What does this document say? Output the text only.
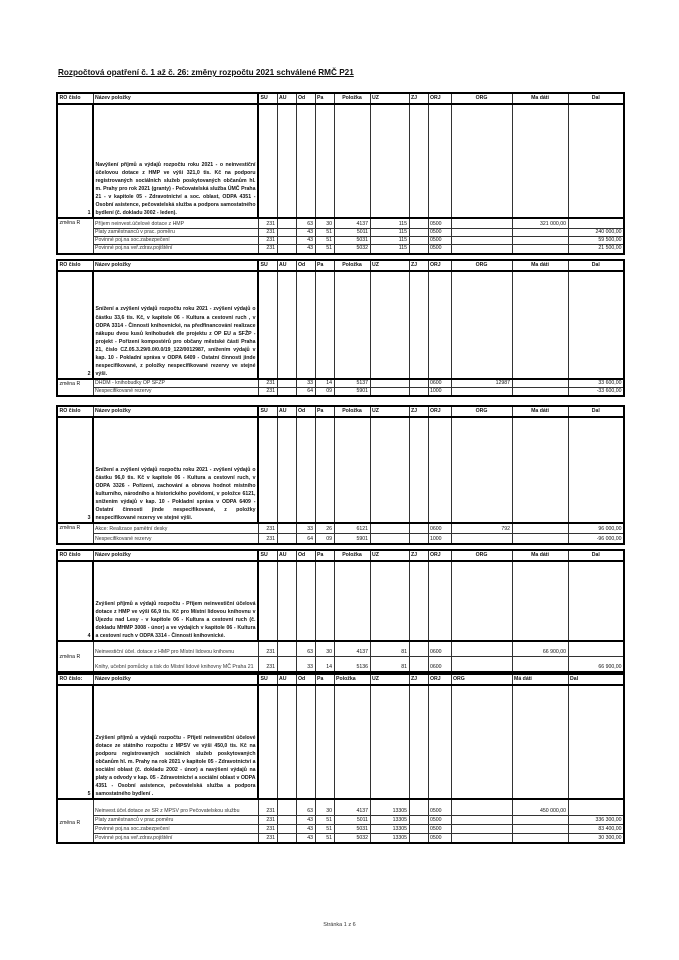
Rozpočtová opatření č. 1 až č. 26: změny rozpočtu 2021 schválené RMČ P21
RO číslo	Název položky	SU	AU	Od	Pa	Položka	UZ	ZJ	ORJ	ORG	Ma dáti	Dal
1	Navýšení příjmů a výdajů rozpočtu roku 2021 - o neinvestiční účelovou dotace z HMP ve výši 321,0 tis. Kč na podporu registrovaných sociálních služeb poskytovaných občanům hl. m. Prahy pro rok 2021 (granty) - Pečovatelská služba ÚMČ Praha 21 - v kapitole 05 - Zdravotnictví a soc. oblast, ODPA 4351 - Osobní asistence, pečovatelská služba a podpora samostatného bydlení (č. dokladu 3002 - leden).											
změna R	Příjem neinvest.účelové dotace z HMP	231		63	30	4137	115		0500		321 000,00	
	Platy zaměstnanců v prac. poměru	231		43	51	5011	115		0500			240 000,00
	Povinné poj.na soc.zabezpečení	231		43	51	5031	115		0500			59 500,00
	Povinné poj.na veř.zdrav.pojištění	231		43	51	5032	115		0500			21 500,00
RO číslo	Název položky	SU	AU	Od	Pa	Položka	UZ	ZJ	ORJ	ORG	Ma dáti	Dal
2	Snížení a zvýšení výdajů rozpočtu roku 2021 - zvýšení výdajů o částku 33,6 tis. Kč, v kapitole 06 - Kultura a cestovní ruch , v ODPA 3314 - Činnosti knihovnické, na předfinancování realizace nákupu dvou kusů knihobudek dle projektu z OP EU a SFŽP - projekt - Pořízení kompostérů pro občany městské části Praha 21, číslo CZ.05.3.29/0.0/0.0/19_122/0012987, snížením výdajů v kap. 10 - Pokladní správa v ODPA 6409 - Ostatní činnosti jinde nespecifikované, z položky nespecifikované rezervy ve stejné výši.											
změna R	DHDM - knihobudky OP SFŽP	231		33	14	5137			0600	12987		33 600,00
	Nespecifikované rezervy	231		64	09	5901			1000			-33 600,00
RO číslo	Název položky	SU	AU	Od	Pa	Položka	UZ	ZJ	ORJ	ORG	Ma dáti	Dal
3	Snížení a zvýšení výdajů rozpočtu roku 2021 - zvýšení výdajů o částku 96,0 tis. Kč v kapitole 06 - Kultura a cestovní ruch, v ODPA 3326 - Pořízení, zachování a obnova hodnot místního kulturního, národního a historického povědomí, v položce 6121, snížením výdajů v kap. 10 - Pokladní správa v ODPA 6409 - Ostatní činnosti jinde nespecifikované, z položky nespecifikované rezervy ve stejné výši.											
změna R	Akce: Realizace pamětní desky	231		33	26	6121			0600	792		96 000,00
	Nespecifikované rezervy	231		64	09	5901			1000			-96 000,00
RO číslo	Název položky	SU	AU	Od	Pa	Položka	UZ	ZJ	ORJ	ORG	Ma dáti	Dal
4	Zvýšení příjmů a výdajů rozpočtu - Příjem neinvestiční účelová dotace z HMP ve výši 66,9 tis. Kč pro Místní lidovou knihovnu v Újezdu nad Lesy - v kapitole 06 - Kultura a cestovní ruch (č. dokladu MHMP 3008 - únor) a ve výdajích v kapitole 06 - Kultura a cestovní ruch v ODPA 3314 - Činnosti knihovnické.											
změna R	Neinvestiční účel. dotace z HMP pro Místní lidovou knihovnu	231		63	30	4137	81		0600		66 900,00	
	Knihy, učební pomůcky a tisk do Místní lidové knihovny MČ Praha 21	231		33	14	5136	81		0600			66 900,00
RO číslo:	Název položky	SU	AU	Od	Pa	Položka	UZ	ZJ	ORJ	ORG	Má dáti	Dal
5	Zvýšení příjmů a výdajů rozpočtu - Přijetí neinvestiční účelové dotace ze státního rozpočtu z MPSV ve výši 450,0 tis. Kč na podporu registrovaných sociálních služeb poskytovaných občanům hl. m. Prahy na rok 2021 v kapitole 05 - Zdravotnictví a sociální oblast (č. dokladu 2002 - únor) a navýšení výdajů na platy a odvody v kap. 05 - Zdravotnictví a sociální oblast v ODPA 4351 - Osobní asistence, pečovatelská služba a podpora samostatného bydlení .											
změna R	Neinvest.účel.dotace ze SR z MPSV pro Pečovatelskou službu	231		63	30	4137	13305		0500		450 000,00	
	Platy zaměstnanců v prac.poměru	231		43	51	5011	13305		0500			336 300,00
	Povinné poj.na soc.zabezpečení	231		43	51	5031	13305		0500			83 400,00
	Povinné poj.na veř.zdrav.pojištění	231		43	51	5032	13305		0500			30 300,00
Stránka 1 z 6
